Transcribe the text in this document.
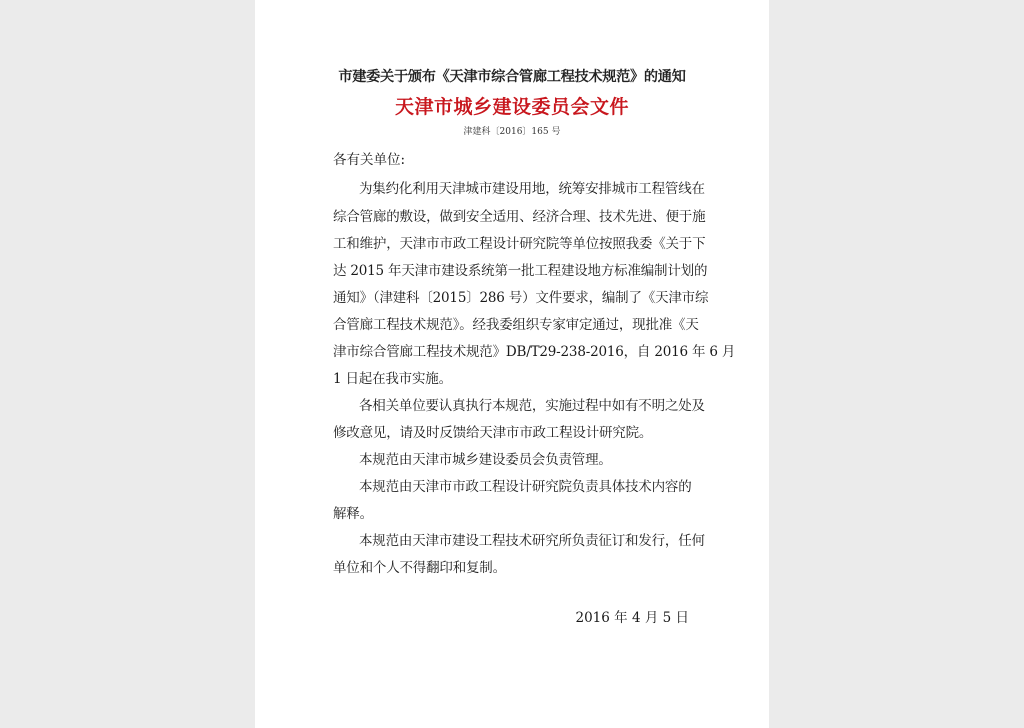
市建委关于颁布《天津市综合管廊工程技术规范》的通知
天津市城乡建设委员会文件
津建科〔2016〕165 号
各有关单位:
为集约化利用天津城市建设用地，统筹安排城市工程管线在
综合管廊的敷设，做到安全适用、经济合理、技术先进、便于施
工和维护，天津市市政工程设计研究院等单位按照我委《关于下
达 2015 年天津市建设系统第一批工程建设地方标准编制计划的
通知》（津建科〔2015〕286 号）文件要求，编制了《天津市综
合管廊工程技术规范》。经我委组织专家审定通过，现批准《天
津市综合管廊工程技术规范》DB/T29-238-2016，自 2016 年 6 月
1 日起在我市实施。
各相关单位要认真执行本规范，实施过程中如有不明之处及
修改意见，请及时反馈给天津市市政工程设计研究院。
本规范由天津市城乡建设委员会负责管理。
本规范由天津市市政工程设计研究院负责具体技术内容的
解释。
本规范由天津市建设工程技术研究所负责征订和发行，任何
单位和个人不得翻印和复制。
2016 年 4 月 5 日
